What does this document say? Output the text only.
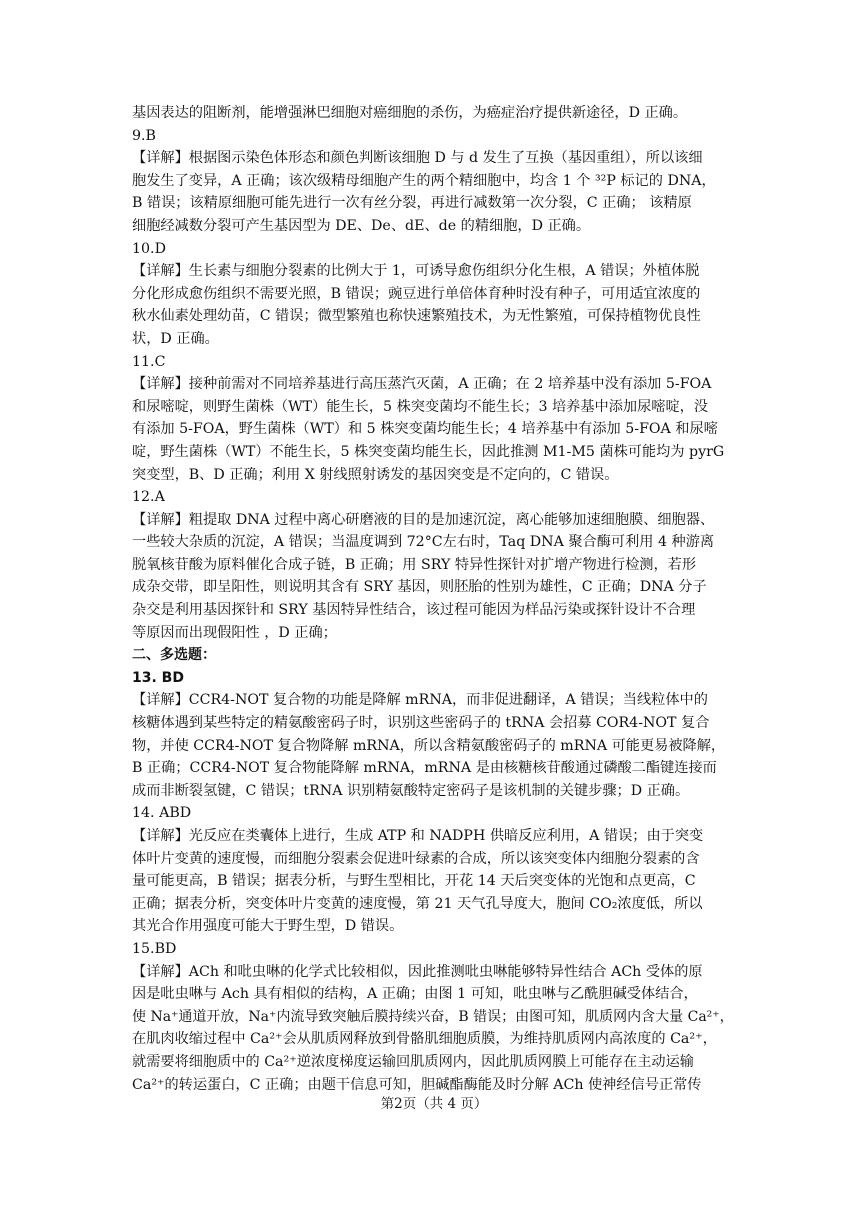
基因表达的阻断剂，能增强淋巴细胞对癌细胞的杀伤，为癌症治疗提供新途径，D 正确。
9.B
【详解】根据图示染色体形态和颜色判断该细胞 D 与 d 发生了互换（基因重组），所以该细
胞发生了变异，A 正确；该次级精母细胞产生的两个精细胞中，均含 1 个 ³²P 标记的 DNA，
B 错误；该精原细胞可能先进行一次有丝分裂，再进行减数第一次分裂，C 正确； 该精原
细胞经减数分裂可产生基因型为 DE、De、dE、de 的精细胞，D 正确。
10.D
【详解】生长素与细胞分裂素的比例大于 1，可诱导愈伤组织分化生根，A 错误；外植体脱
分化形成愈伤组织不需要光照，B 错误；豌豆进行单倍体育种时没有种子，可用适宜浓度的
秋水仙素处理幼苗，C 错误；微型繁殖也称快速繁殖技术，为无性繁殖，可保持植物优良性
状，D 正确。
11.C
【详解】接种前需对不同培养基进行高压蒸汽灭菌，A 正确；在 2 培养基中没有添加 5-FOA
和尿嘧啶，则野生菌株（WT）能生长，5 株突变菌均不能生长；3 培养基中添加尿嘧啶，没
有添加 5-FOA，野生菌株（WT）和 5 株突变菌均能生长；4 培养基中有添加 5-FOA 和尿嘧
啶，野生菌株（WT）不能生长，5 株突变菌均能生长，因此推测 M1-M5 菌株可能均为 pyrG
突变型，B、D 正确；利用 X 射线照射诱发的基因突变是不定向的，C 错误。
12.A
【详解】粗提取 DNA 过程中离心研磨液的目的是加速沉淀，离心能够加速细胞膜、细胞器、
一些较大杂质的沉淀，A 错误；当温度调到 72°C左右时，Taq DNA 聚合酶可利用 4 种游离
脱氧核苷酸为原料催化合成子链，B 正确；用 SRY 特异性探针对扩增产物进行检测，若形
成杂交带，即呈阳性，则说明其含有 SRY 基因，则胚胎的性别为雄性，C 正确；DNA 分子
杂交是利用基因探针和 SRY 基因特异性结合，该过程可能因为样品污染或探针设计不合理
等原因而出现假阳性 ，D 正确；
二、多选题：
13. BD
【详解】CCR4-NOT 复合物的功能是降解 mRNA，而非促进翻译，A 错误；当线粒体中的
核糖体遇到某些特定的精氨酸密码子时，识别这些密码子的 tRNA 会招募 COR4-NOT 复合
物，并使 CCR4-NOT 复合物降解 mRNA，所以含精氨酸密码子的 mRNA 可能更易被降解，
B 正确；CCR4-NOT 复合物能降解 mRNA，mRNA 是由核糖核苷酸通过磷酸二酯键连接而
成而非断裂氢键，C 错误；tRNA 识别精氨酸特定密码子是该机制的关键步骤；D 正确。
14. ABD
【详解】光反应在类囊体上进行，生成 ATP 和 NADPH 供暗反应利用，A 错误；由于突变
体叶片变黄的速度慢，而细胞分裂素会促进叶绿素的合成，所以该突变体内细胞分裂素的含
量可能更高，B 错误；据表分析，与野生型相比，开花 14 天后突变体的光饱和点更高，C
正确；据表分析，突变体叶片变黄的速度慢，第 21 天气孔导度大，胞间 CO₂浓度低，所以
其光合作用强度可能大于野生型，D 错误。
15.BD
【详解】ACh 和吡虫啉的化学式比较相似，因此推测吡虫啉能够特异性结合 ACh 受体的原
因是吡虫啉与 Ach 具有相似的结构，A 正确；由图 1 可知，吡虫啉与乙酰胆碱受体结合，
使 Na⁺通道开放，Na⁺内流导致突触后膜持续兴奋，B 错误；由图可知，肌质网内含大量 Ca²⁺，
在肌肉收缩过程中 Ca²⁺会从肌质网释放到骨骼肌细胞质膜，为维持肌质网内高浓度的 Ca²⁺，
就需要将细胞质中的 Ca²⁺逆浓度梯度运输回肌质网内，因此肌质网膜上可能存在主动运输
Ca²⁺的转运蛋白，C 正确；由题干信息可知，胆碱酯酶能及时分解 ACh 使神经信号正常传
第2页（共 4 页）
